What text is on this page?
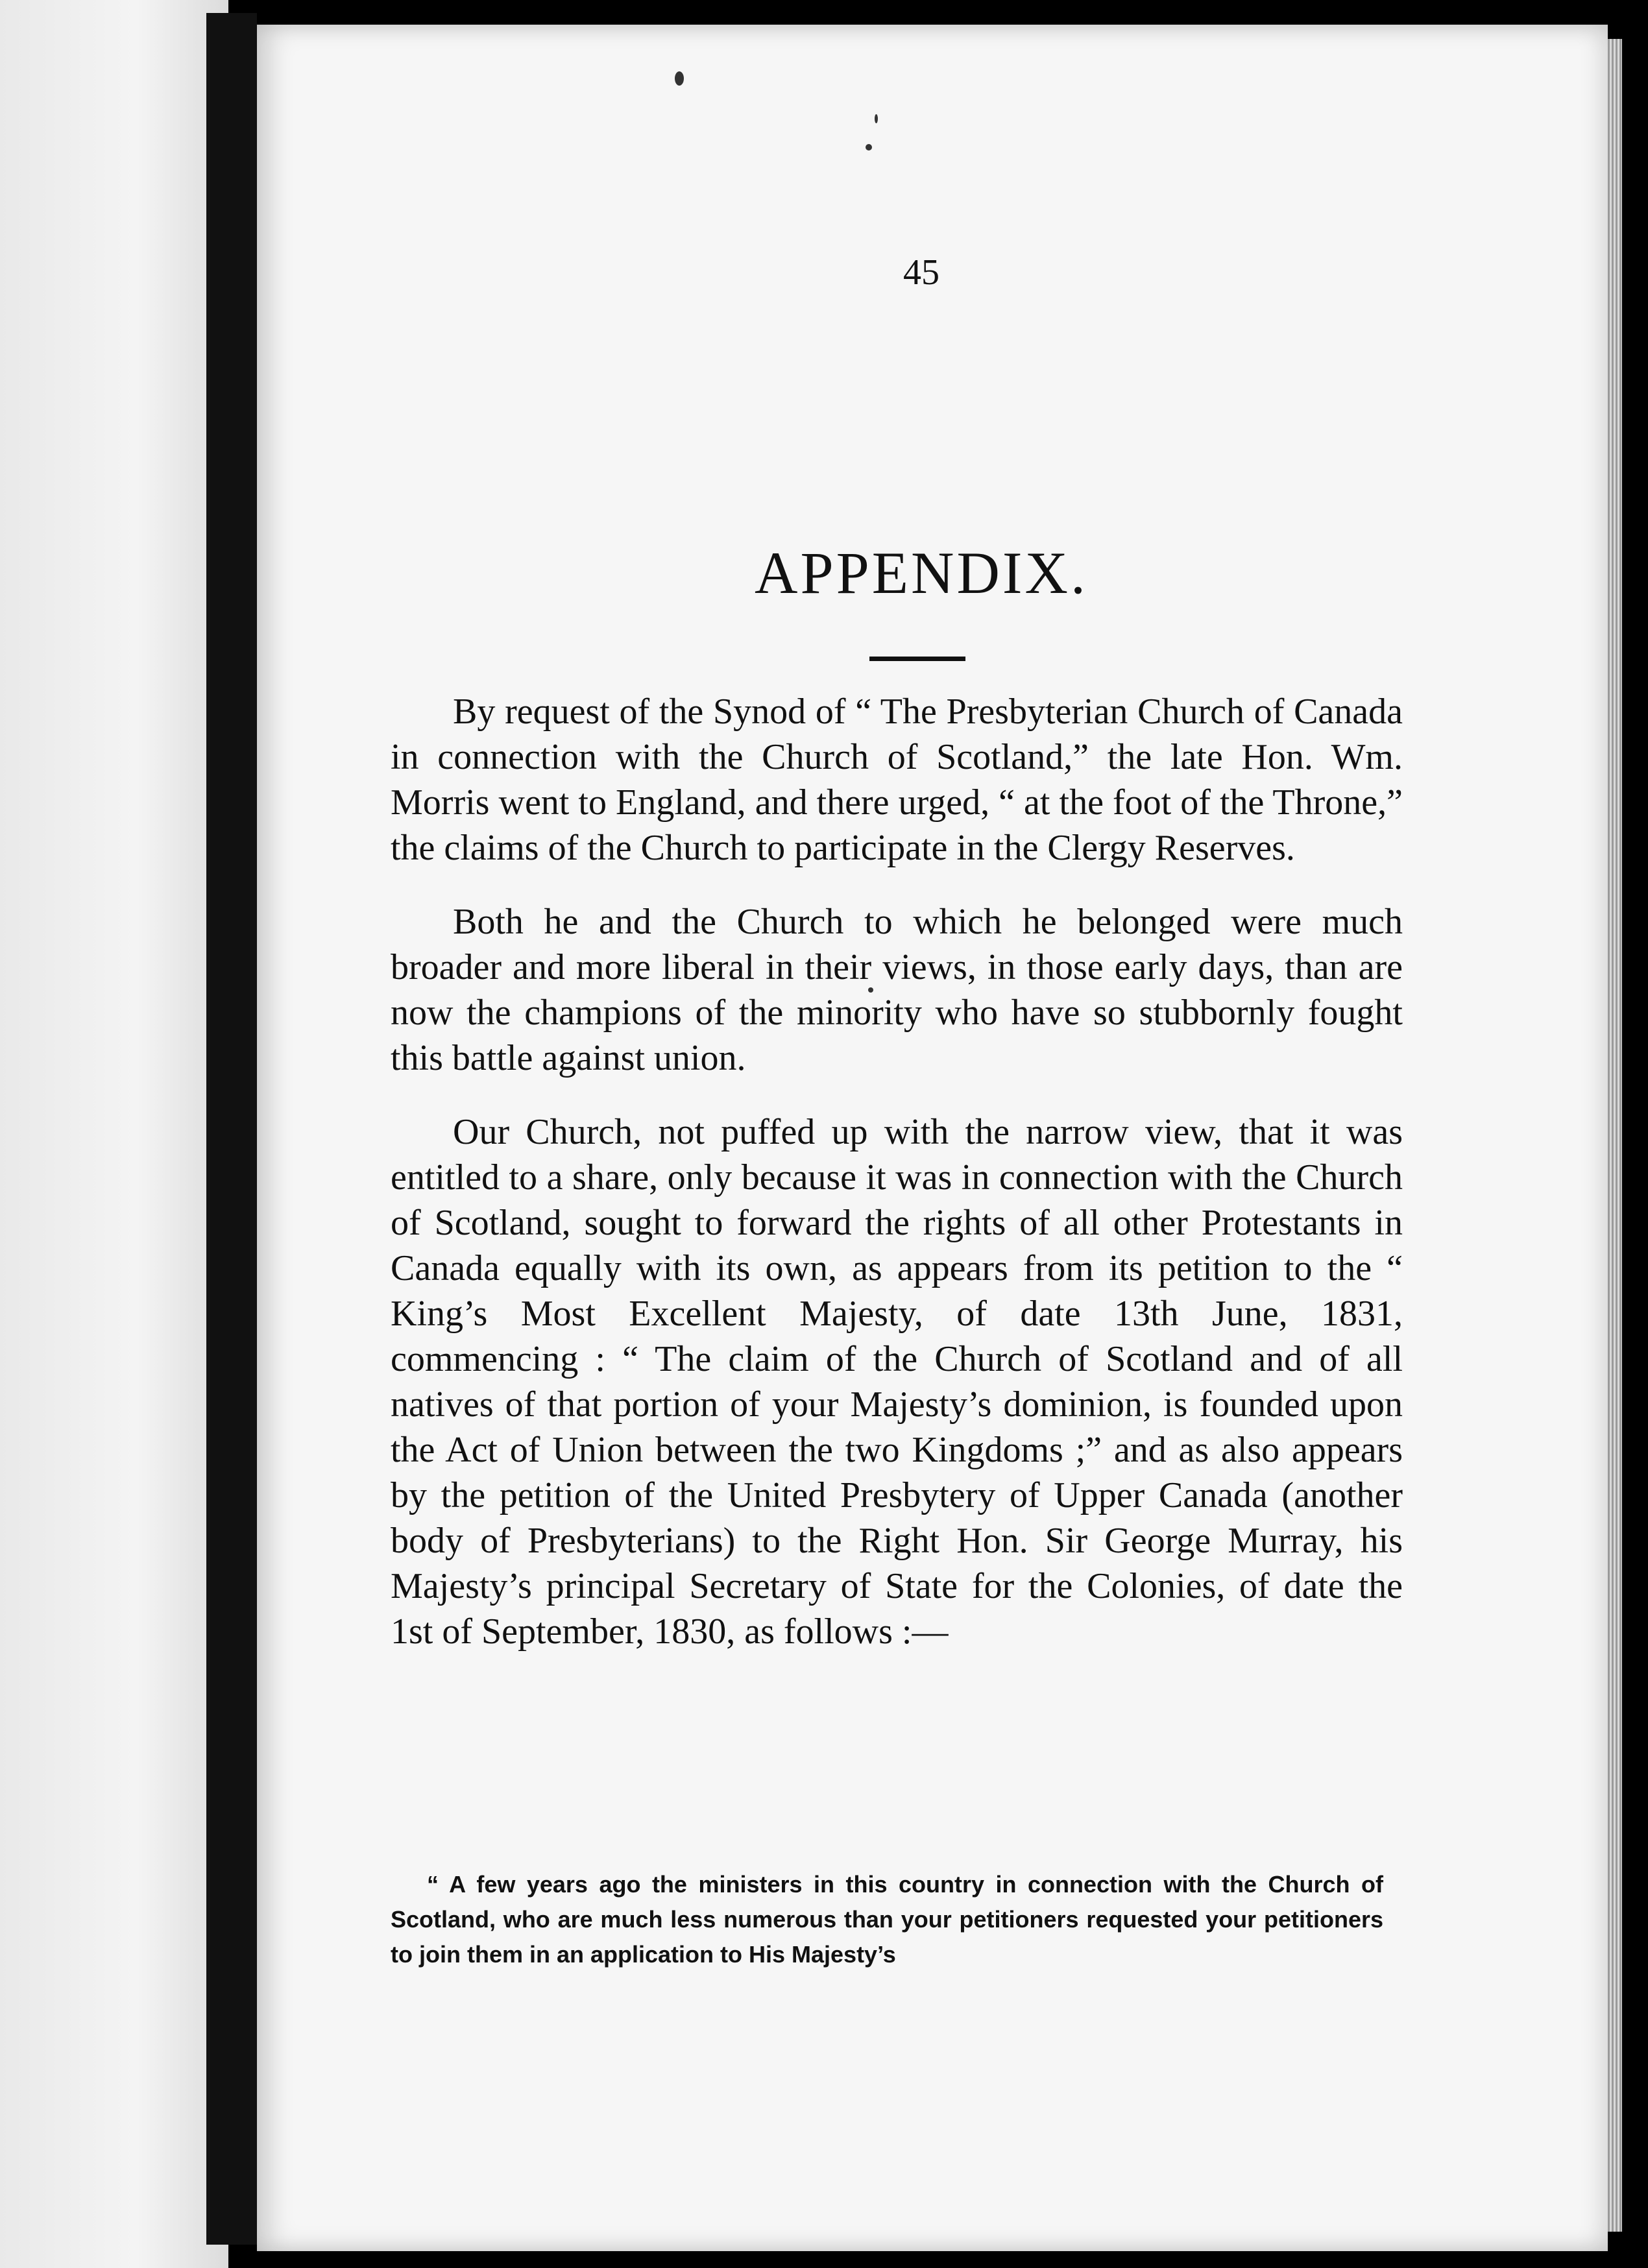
45
APPENDIX.

By request of the Synod of “ The Presbyterian Church of Canada in connection with the Church of Scotland,” the late Hon. Wm. Morris went to England, and there urged, “ at the foot of the Throne,” the claims of the Church to participate in the Clergy Reserves.

Both he and the Church to which he belonged were much broader and more liberal in their views, in those early days, than are now the champions of the minority who have so stubbornly fought this battle against union.

Our Church, not puffed up with the narrow view, that it was entitled to a share, only because it was in connection with the Church of Scotland, sought to forward the rights of all other Protestants in Canada equally with its own, as appears from its petition to the “ King’s Most Excellent Majesty, of date 13th June, 1831, commencing : “ The claim of the Church of Scotland and of all natives of that portion of your Majesty’s dominion, is founded upon the Act of Union between the two Kingdoms ;” and as also appears by the petition of the United Presbytery of Upper Canada (another body of Presbyterians) to the Right Hon. Sir George Murray, his Majesty’s principal Secretary of State for the Colonies, of date the 1st of September, 1830, as follows :—

“ A few years ago the ministers in this country in connection with the Church of Scotland, who are much less numerous than your petitioners requested your petitioners to join them in an application to His Majesty’s
